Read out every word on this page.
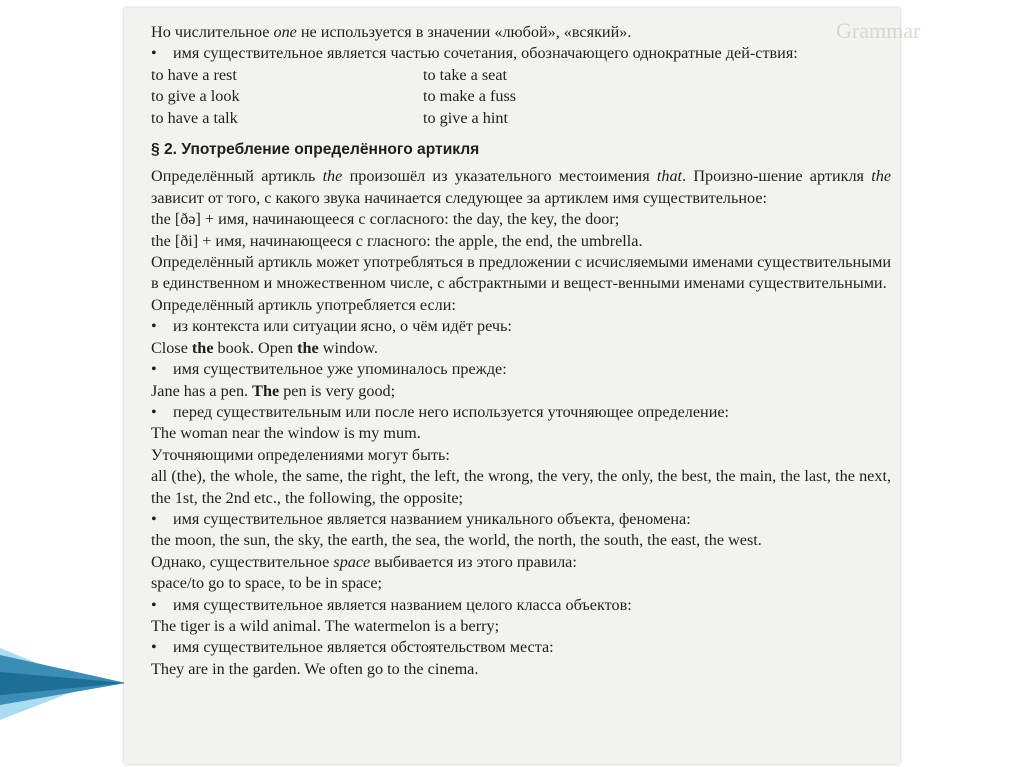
Grammar

Но числительное one не используется в значении «любой», «всякий».

• имя существительное является частью сочетания, обозначающего однократные дей-ствия:

to have a rest	to take a seat
to give a look	to make a fuss
to have a talk	to give a hint

§ 2. Употребление определённого артикля

Определённый артикль the произошёл из указательного местоимения that. Произно-шение артикля the зависит от того, с какого звука начинается следующее за артиклем имя существительное:

the [ðə] + имя, начинающееся с согласного: the day, the key, the door;

the [ði] + имя, начинающееся с гласного: the apple, the end, the umbrella.

Определённый артикль может употребляться в предложении с исчисляемыми именами существительными в единственном и множественном числе, с абстрактными и вещест-венными именами существительными.

Определённый артикль употребляется если:

• из контекста или ситуации ясно, о чём идёт речь:

Close the book. Open the window.

• имя существительное уже упоминалось прежде:

Jane has a pen. The pen is very good;

• перед существительным или после него используется уточняющее определение:

The woman near the window is my mum.

Уточняющими определениями могут быть:

all (the), the whole, the same, the right, the left, the wrong, the very, the only, the best, the main, the last, the next, the 1st, the 2nd etc., the following, the opposite;

• имя существительное является названием уникального объекта, феномена:

the moon, the sun, the sky, the earth, the sea, the world, the north, the south, the east, the west.

Однако, существительное space выбивается из этого правила:

space/to go to space, to be in space;

• имя существительное является названием целого класса объектов:

The tiger is a wild animal. The watermelon is a berry;

• имя существительное является обстоятельством места:

They are in the garden. We often go to the cinema.
